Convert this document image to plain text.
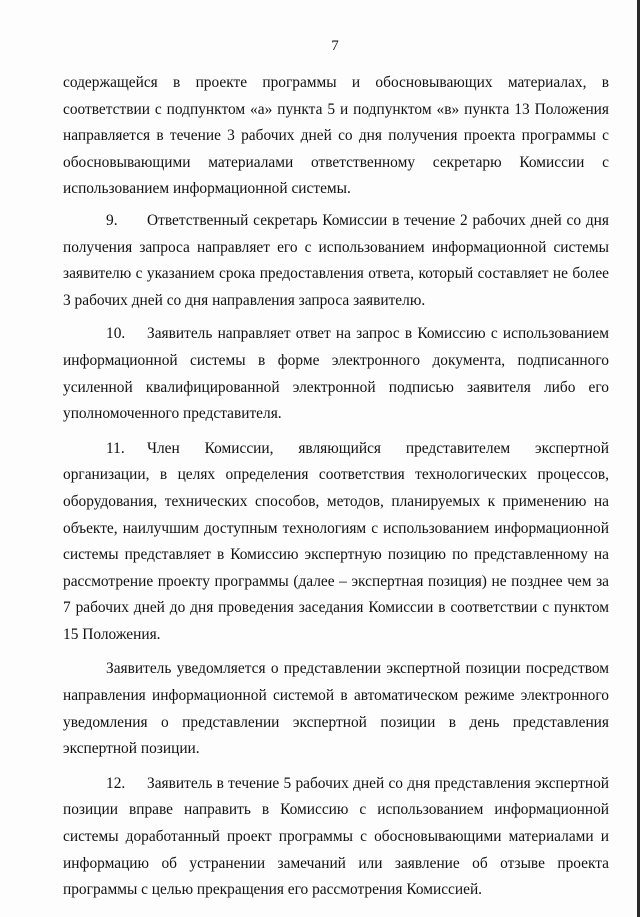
7

содержащейся в проекте программы и обосновывающих материалах, в соответствии с подпунктом «а» пункта 5 и подпунктом «в» пункта 13 Положения направляется в течение 3 рабочих дней со дня получения проекта программы с обосновывающими материалами ответственному секретарю Комиссии с использованием информационной системы.

9. Ответственный секретарь Комиссии в течение 2 рабочих дней со дня получения запроса направляет его с использованием информационной системы заявителю с указанием срока предоставления ответа, который составляет не более 3 рабочих дней со дня направления запроса заявителю.

10. Заявитель направляет ответ на запрос в Комиссию с использованием информационной системы в форме электронного документа, подписанного усиленной квалифицированной электронной подписью заявителя либо его уполномоченного представителя.

11. Член Комиссии, являющийся представителем экспертной организации, в целях определения соответствия технологических процессов, оборудования, технических способов, методов, планируемых к применению на объекте, наилучшим доступным технологиям с использованием информационной системы представляет в Комиссию экспертную позицию по представленному на рассмотрение проекту программы (далее – экспертная позиция) не позднее чем за 7 рабочих дней до дня проведения заседания Комиссии в соответствии с пунктом 15 Положения.

Заявитель уведомляется о представлении экспертной позиции посредством направления информационной системой в автоматическом режиме электронного уведомления о представлении экспертной позиции в день представления экспертной позиции.

12. Заявитель в течение 5 рабочих дней со дня представления экспертной позиции вправе направить в Комиссию с использованием информационной системы доработанный проект программы с обосновывающими материалами и информацию об устранении замечаний или заявление об отзыве проекта программы с целью прекращения его рассмотрения Комиссией.
